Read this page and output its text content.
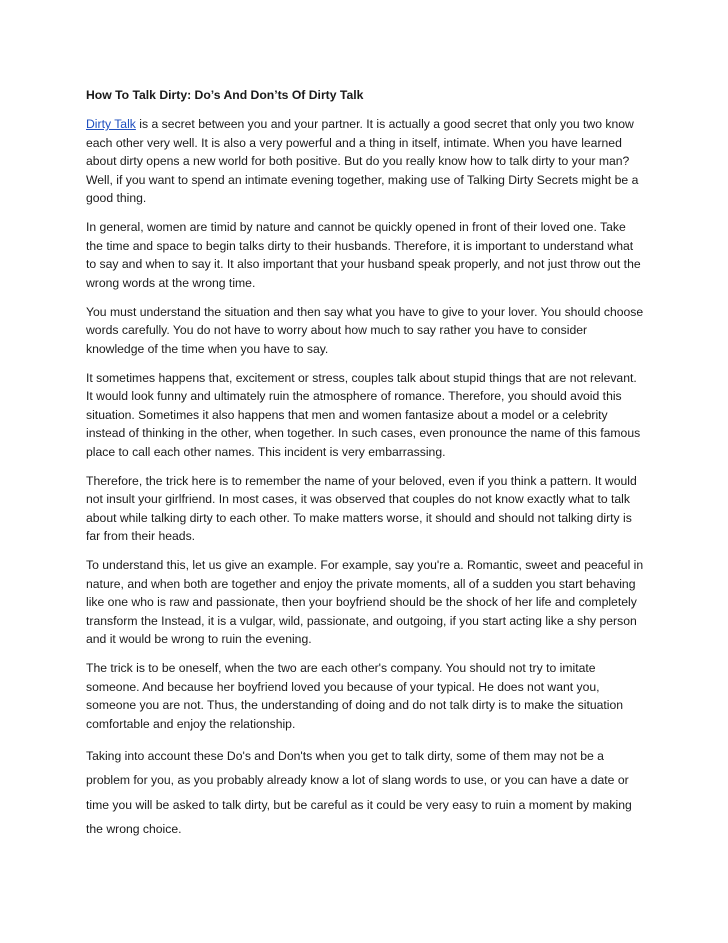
How To Talk Dirty: Do’s And Don’ts Of Dirty Talk

Dirty Talk is a secret between you and your partner. It is actually a good secret that only you two know each other very well. It is also a very powerful and a thing in itself, intimate. When you have learned about dirty opens a new world for both positive. But do you really know how to talk dirty to your man? Well, if you want to spend an intimate evening together, making use of Talking Dirty Secrets might be a good thing.

In general, women are timid by nature and cannot be quickly opened in front of their loved one. Take the time and space to begin talks dirty to their husbands. Therefore, it is important to understand what to say and when to say it. It also important that your husband speak properly, and not just throw out the wrong words at the wrong time.

You must understand the situation and then say what you have to give to your lover. You should choose words carefully. You do not have to worry about how much to say rather you have to consider knowledge of the time when you have to say.

It sometimes happens that, excitement or stress, couples talk about stupid things that are not relevant. It would look funny and ultimately ruin the atmosphere of romance. Therefore, you should avoid this situation. Sometimes it also happens that men and women fantasize about a model or a celebrity instead of thinking in the other, when together. In such cases, even pronounce the name of this famous place to call each other names. This incident is very embarrassing.

Therefore, the trick here is to remember the name of your beloved, even if you think a pattern. It would not insult your girlfriend. In most cases, it was observed that couples do not know exactly what to talk about while talking dirty to each other. To make matters worse, it should and should not talking dirty is far from their heads.

To understand this, let us give an example. For example, say you're a. Romantic, sweet and peaceful in nature, and when both are together and enjoy the private moments, all of a sudden you start behaving like one who is raw and passionate, then your boyfriend should be the shock of her life and completely transform the Instead, it is a vulgar, wild, passionate, and outgoing, if you start acting like a shy person and it would be wrong to ruin the evening.

The trick is to be oneself, when the two are each other's company. You should not try to imitate someone. And because her boyfriend loved you because of your typical. He does not want you, someone you are not. Thus, the understanding of doing and do not talk dirty is to make the situation comfortable and enjoy the relationship.

Taking into account these Do's and Don'ts when you get to talk dirty, some of them may not be a problem for you, as you probably already know a lot of slang words to use, or you can have a date or time you will be asked to talk dirty, but be careful as it could be very easy to ruin a moment by making the wrong choice.
